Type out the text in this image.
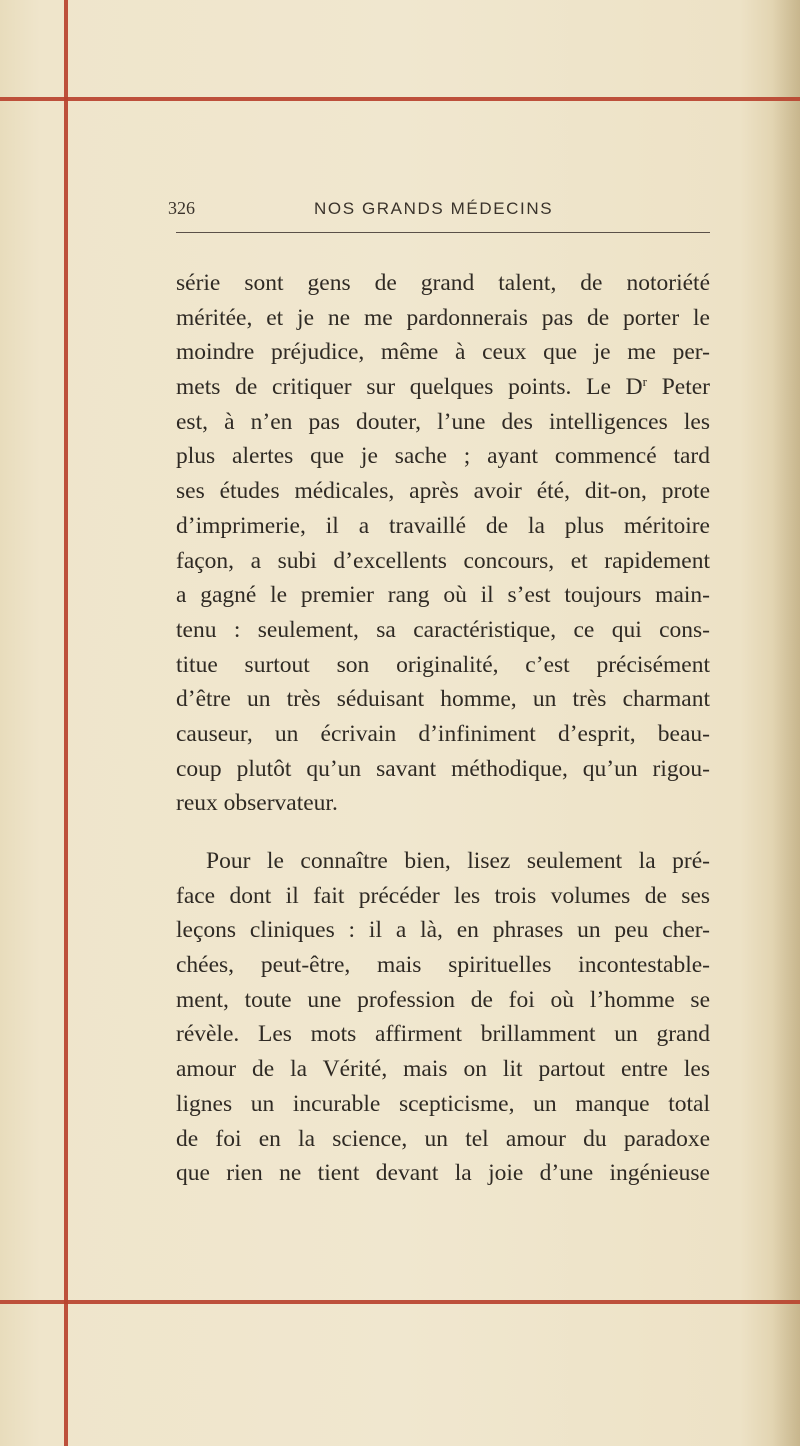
326	NOS GRANDS MÉDECINS
série sont gens de grand talent, de notoriété
méritée, et je ne me pardonnerais pas de porter le
moindre préjudice, même à ceux que je me per-
mets de critiquer sur quelques points. Le $D^r$ Peter
est, à n’en pas douter, l’une des intelligences les
plus alertes que je sache ; ayant commencé tard
ses études médicales, après avoir été, dit-on, prote
d’imprimerie, il a travaillé de la plus méritoire
façon, a subi d’excellents concours, et rapidement
a gagné le premier rang où il s’est toujours main-
tenu : seulement, sa caractéristique, ce qui cons-
titue surtout son originalité, c’est précisément
d’être un très séduisant homme, un très charmant
causeur, un écrivain d’infiniment d’esprit, beau-
coup plutôt qu’un savant méthodique, qu’un rigou-
reux observateur.
Pour le connaître bien, lisez seulement la pré-
face dont il fait précéder les trois volumes de ses
leçons cliniques : il a là, en phrases un peu cher-
chées, peut-être, mais spirituelles incontestable-
ment, toute une profession de foi où l’homme se
révèle. Les mots affirment brillamment un grand
amour de la Vérité, mais on lit partout entre les
lignes un incurable scepticisme, un manque total
de foi en la science, un tel amour du paradoxe
que rien ne tient devant la joie d’une ingénieuse
